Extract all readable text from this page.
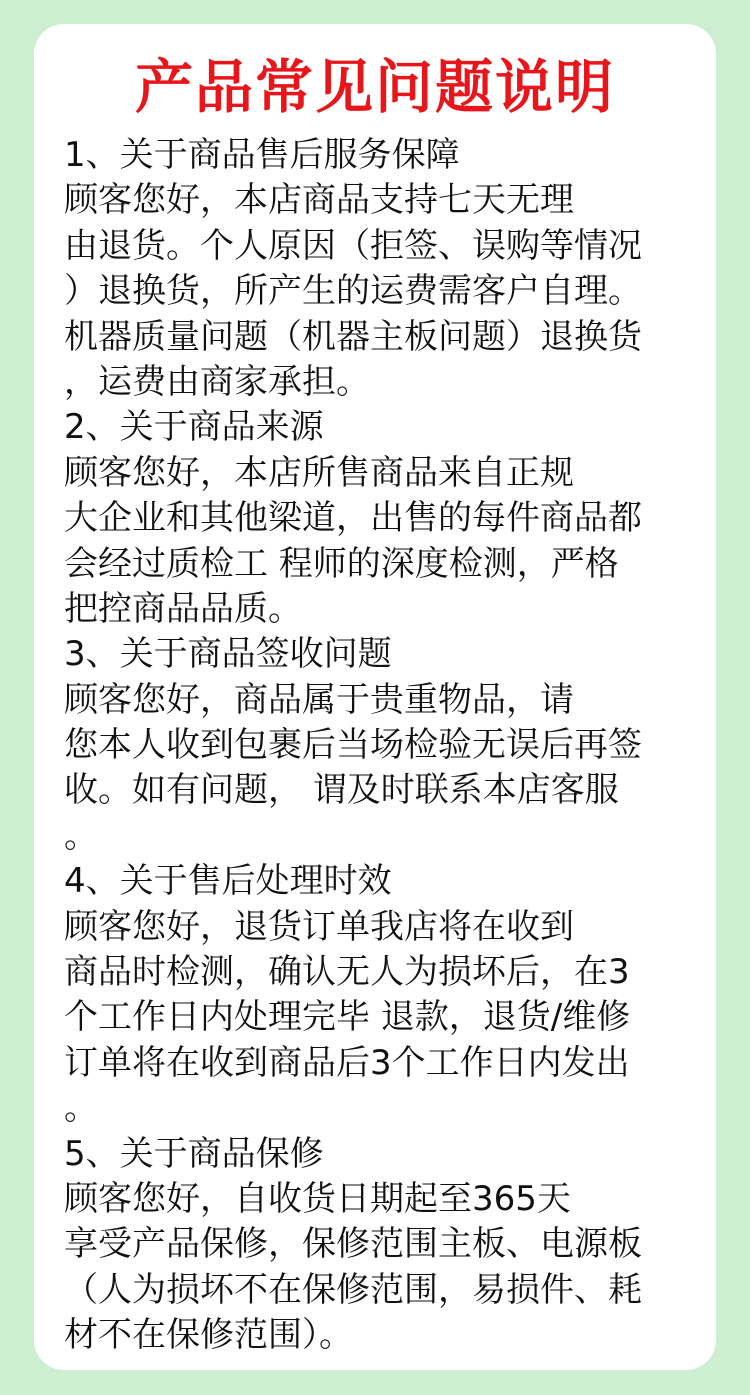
产品常见问题说明
1、关于商品售后服务保障
顾客您好，本店商品支持七天无理
由退货。个人原因（拒签、误购等情况
）退换货，所产生的运费需客户自理。
机器质量问题（机器主板问题）退换货
，运费由商家承担。
2、关于商品来源
顾客您好，本店所售商品来自正规
大企业和其他梁道，出售的每件商品都
会经过质检工 程师的深度检测，严格
把控商品品质。
3、关于商品签收问题
顾客您好，商品属于贵重物品，请
您本人收到包裹后当场检验无误后再签
收。如有问题， 谓及时联系本店客服
。
4、关于售后处理时效
顾客您好，退货订单我店将在收到
商品时检测，确认无人为损坏后，在3
个工作日内处理完毕 退款，退货/维修
订单将在收到商品后3个工作日内发出
。
5、关于商品保修
顾客您好，自收货日期起至365天
享受产品保修，保修范围主板、电源板
（人为损坏不在保修范围，易损件、耗
材不在保修范围）。
